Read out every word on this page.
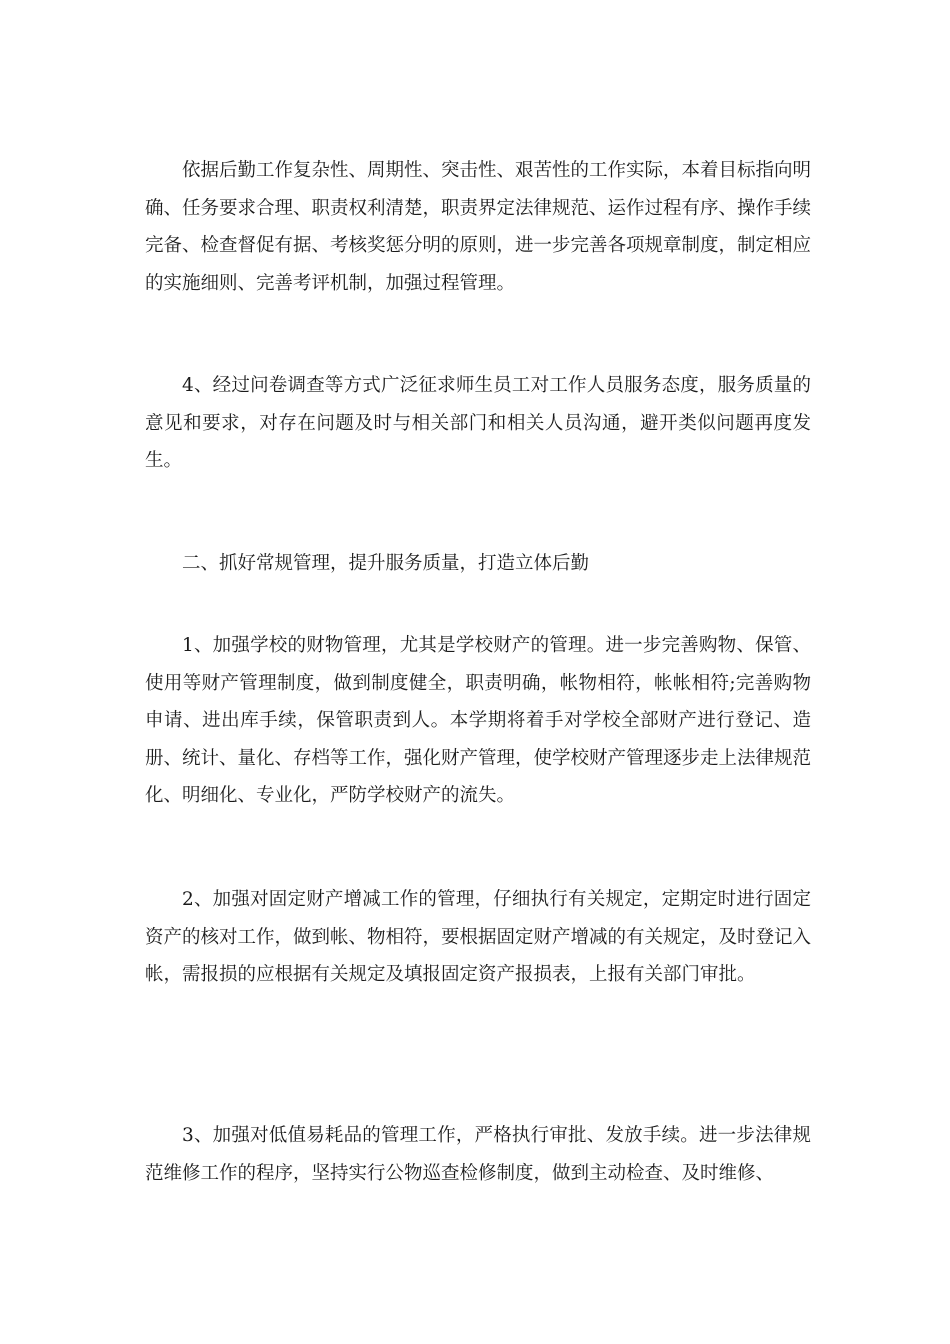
依据后勤工作复杂性、周期性、突击性、艰苦性的工作实际，本着目标指向明确、任务要求合理、职责权利清楚，职责界定法律规范、运作过程有序、操作手续完备、检查督促有据、考核奖惩分明的原则，进一步完善各项规章制度，制定相应的实施细则、完善考评机制，加强过程管理。

4、经过问卷调查等方式广泛征求师生员工对工作人员服务态度，服务质量的意见和要求，对存在问题及时与相关部门和相关人员沟通，避开类似问题再度发生。

二、抓好常规管理，提升服务质量，打造立体后勤

1、加强学校的财物管理，尤其是学校财产的管理。进一步完善购物、保管、使用等财产管理制度，做到制度健全，职责明确，帐物相符，帐帐相符;完善购物申请、进出库手续，保管职责到人。本学期将着手对学校全部财产进行登记、造册、统计、量化、存档等工作，强化财产管理，使学校财产管理逐步走上法律规范化、明细化、专业化，严防学校财产的流失。

2、加强对固定财产增减工作的管理，仔细执行有关规定，定期定时进行固定资产的核对工作，做到帐、物相符，要根据固定财产增减的有关规定，及时登记入帐，需报损的应根据有关规定及填报固定资产报损表，上报有关部门审批。

3、加强对低值易耗品的管理工作，严格执行审批、发放手续。进一步法律规范维修工作的程序，坚持实行公物巡查检修制度，做到主动检查、及时维修、
